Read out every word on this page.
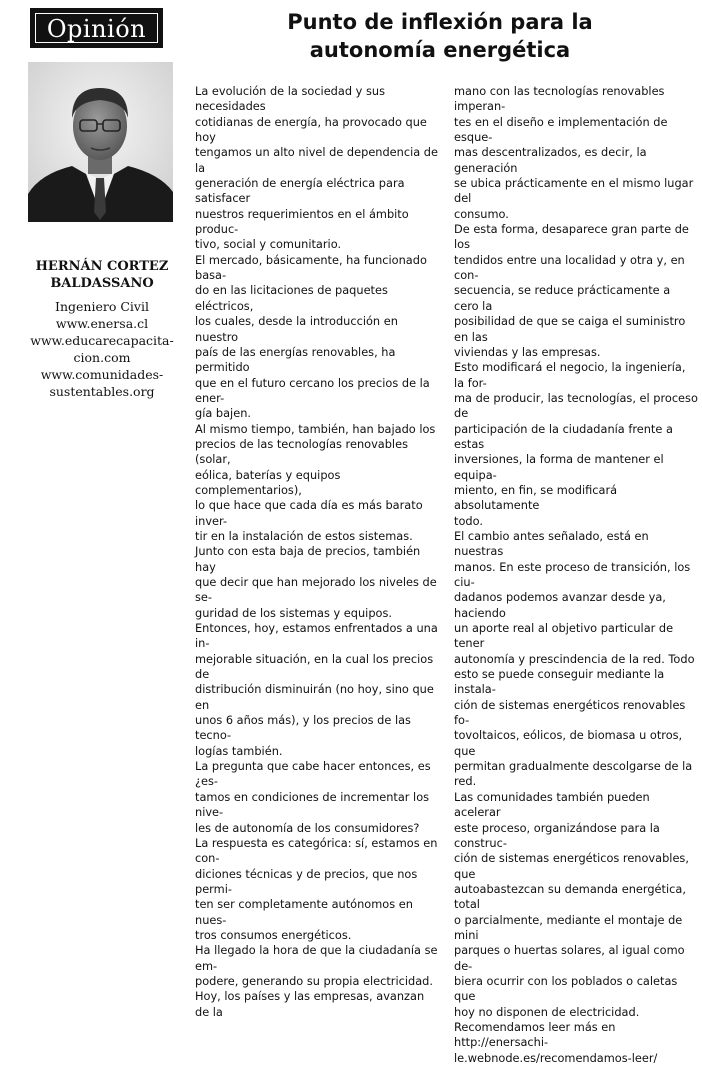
Opinión	Punto de inflexión para la
autonomía energética
HERNÁN CORTEZ
BALDASSANO
Ingeniero Civil
www.enersa.cl
www.educarecapacita-
cion.com
www.comunidades-
sustentables.org

La evolución de la sociedad y sus necesidades
cotidianas de energía, ha provocado que hoy
tengamos un alto nivel de dependencia de la
generación de energía eléctrica para satisfacer
nuestros requerimientos en el ámbito produc-
tivo, social y comunitario.

El mercado, básicamente, ha funcionado basa-
do en las licitaciones de paquetes eléctricos,
los cuales, desde la introducción en nuestro
país de las energías renovables, ha permitido
que en el futuro cercano los precios de la ener-
gía bajen.

Al mismo tiempo, también, han bajado los
precios de las tecnologías renovables (solar,
eólica, baterías y equipos complementarios),
lo que hace que cada día es más barato inver-
tir en la instalación de estos sistemas.

Junto con esta baja de precios, también hay
que decir que han mejorado los niveles de se-
guridad de los sistemas y equipos.

Entonces, hoy, estamos enfrentados a una in-
mejorable situación, en la cual los precios de
distribución disminuirán (no hoy, sino que en
unos 6 años más), y los precios de las tecno-
logías también.

La pregunta que cabe hacer entonces, es ¿es-
tamos en condiciones de incrementar los nive-
les de autonomía de los consumidores?

La respuesta es categórica: sí, estamos en con-
diciones técnicas y de precios, que nos permi-
ten ser completamente autónomos en nues-
tros consumos energéticos.

Ha llegado la hora de que la ciudadanía se em-
podere, generando su propia electricidad.

Hoy, los países y las empresas, avanzan de la

mano con las tecnologías renovables imperan-
tes en el diseño e implementación de esque-
mas descentralizados, es decir, la generación
se ubica prácticamente en el mismo lugar del
consumo.

De esta forma, desaparece gran parte de los
tendidos entre una localidad y otra y, en con-
secuencia, se reduce prácticamente a cero la
posibilidad de que se caiga el suministro en las
viviendas y las empresas.

Esto modificará el negocio, la ingeniería, la for-
ma de producir, las tecnologías, el proceso de
participación de la ciudadanía frente a estas
inversiones, la forma de mantener el equipa-
miento, en fin, se modificará absolutamente
todo.

El cambio antes señalado, está en nuestras
manos. En este proceso de transición, los ciu-
dadanos podemos avanzar desde ya, haciendo
un aporte real al objetivo particular de tener
autonomía y prescindencia de la red. Todo
esto se puede conseguir mediante la instala-
ción de sistemas energéticos renovables fo-
tovoltaicos, eólicos, de biomasa u otros, que
permitan gradualmente descolgarse de la red.

Las comunidades también pueden acelerar
este proceso, organizándose para la construc-
ción de sistemas energéticos renovables, que
autoabastezcan su demanda energética, total
o parcialmente, mediante el montaje de mini
parques o huertas solares, al igual como de-
biera ocurrir con los poblados o caletas que
hoy no disponen de electricidad.

Recomendamos leer más en http://enersachi-
le.webnode.es/recomendamos-leer/
